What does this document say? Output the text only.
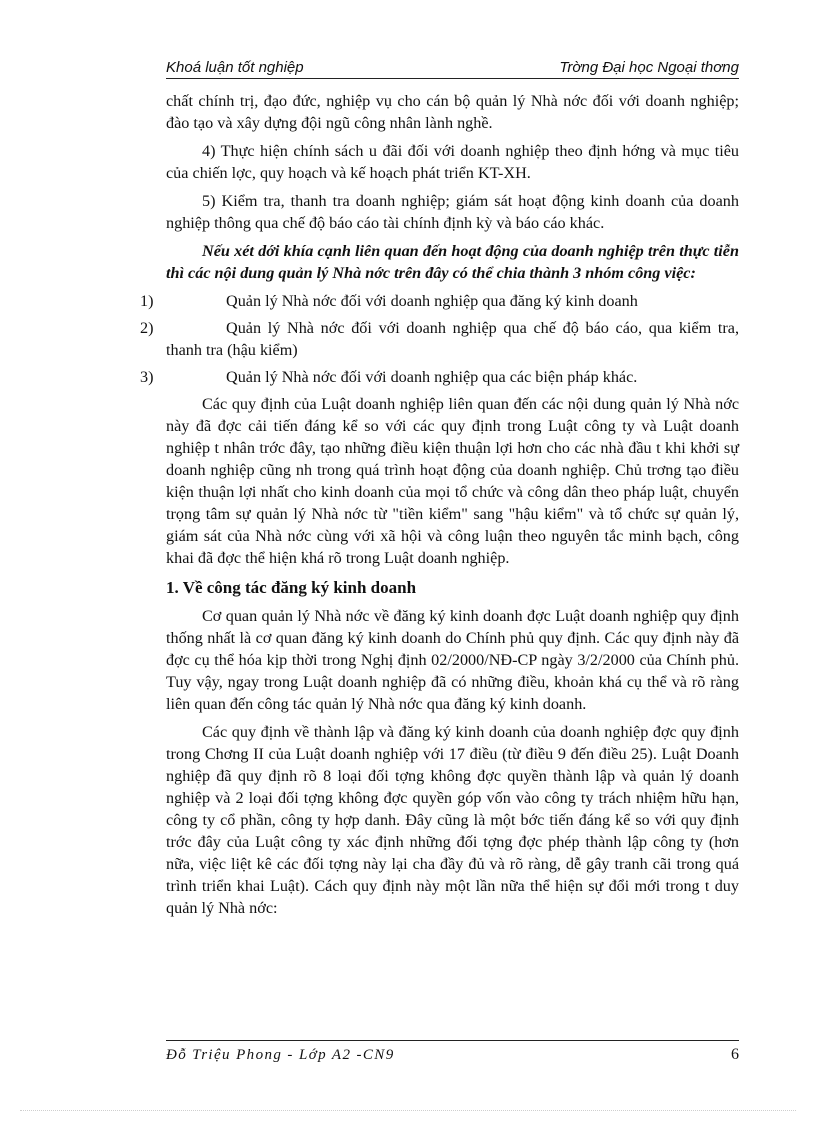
Khoá luận tốt nghiệp	Trờng Đại học Ngoại thơng

chất chính trị, đạo đức, nghiệp vụ cho cán bộ quản lý Nhà nớc đối với doanh nghiệp; đào tạo và xây dựng đội ngũ công nhân lành nghề.

4) Thực hiện chính sách u đãi đối với doanh nghiệp theo định hớng và mục tiêu của chiến lợc, quy hoạch và kế hoạch phát triển KT-XH.

5) Kiểm tra, thanh tra doanh nghiệp; giám sát hoạt động kinh doanh của doanh nghiệp thông qua chế độ báo cáo tài chính định kỳ và báo cáo khác.

Nếu xét dới khía cạnh liên quan đến hoạt động của doanh nghiệp trên thực tiễn thì các nội dung quản lý Nhà nớc trên đây có thể chia thành 3 nhóm công việc:

1)	Quản lý Nhà nớc đối với doanh nghiệp qua đăng ký kinh doanh
2)	Quản lý Nhà nớc đối với doanh nghiệp qua chế độ báo cáo, qua kiểm tra, thanh tra (hậu kiểm)
3)	Quản lý Nhà nớc đối với doanh nghiệp qua các biện pháp khác.

Các quy định của Luật doanh nghiệp liên quan đến các nội dung quản lý Nhà nớc này đã đợc cải tiến đáng kể so với các quy định trong Luật công ty và Luật doanh nghiệp t nhân trớc đây, tạo những điều kiện thuận lợi hơn cho các nhà đầu t khi khởi sự doanh nghiệp cũng nh trong quá trình hoạt động của doanh nghiệp. Chủ trơng tạo điều kiện thuận lợi nhất cho kinh doanh của mọi tổ chức và công dân theo pháp luật, chuyển trọng tâm sự quản lý Nhà nớc từ "tiền kiểm" sang "hậu kiểm" và tổ chức sự quản lý, giám sát của Nhà nớc cùng với xã hội và công luận theo nguyên tắc minh bạch, công khai đã đợc thể hiện khá rõ trong Luật doanh nghiệp.

1. Về công tác đăng ký kinh doanh

Cơ quan quản lý Nhà nớc về đăng ký kinh doanh đợc Luật doanh nghiệp quy định thống nhất là cơ quan đăng ký kinh doanh do Chính phủ quy định. Các quy định này đã đợc cụ thể hóa kịp thời trong Nghị định 02/2000/NĐ-CP ngày 3/2/2000 của Chính phủ. Tuy vậy, ngay trong Luật doanh nghiệp đã có những điều, khoản khá cụ thể và rõ ràng liên quan đến công tác quản lý Nhà nớc qua đăng ký kinh doanh.

Các quy định về thành lập và đăng ký kinh doanh của doanh nghiệp đợc quy định trong Chơng II của Luật doanh nghiệp với 17 điều (từ điều 9 đến điều 25). Luật Doanh nghiệp đã quy định rõ 8 loại đối tợng không đợc quyền thành lập và quản lý doanh nghiệp và 2 loại đối tợng không đợc quyền góp vốn vào công ty trách nhiệm hữu hạn, công ty cổ phần, công ty hợp danh. Đây cũng là một bớc tiến đáng kể so với quy định trớc đây của Luật công ty xác định những đối tợng đợc phép thành lập công ty (hơn nữa, việc liệt kê các đối tợng này lại cha đầy đủ và rõ ràng, dễ gây tranh cãi trong quá trình triển khai Luật). Cách quy định này một lần nữa thể hiện sự đổi mới trong t duy quản lý Nhà nớc:

Đỗ Triệu Phong - Lớp A2 -CN9	6
